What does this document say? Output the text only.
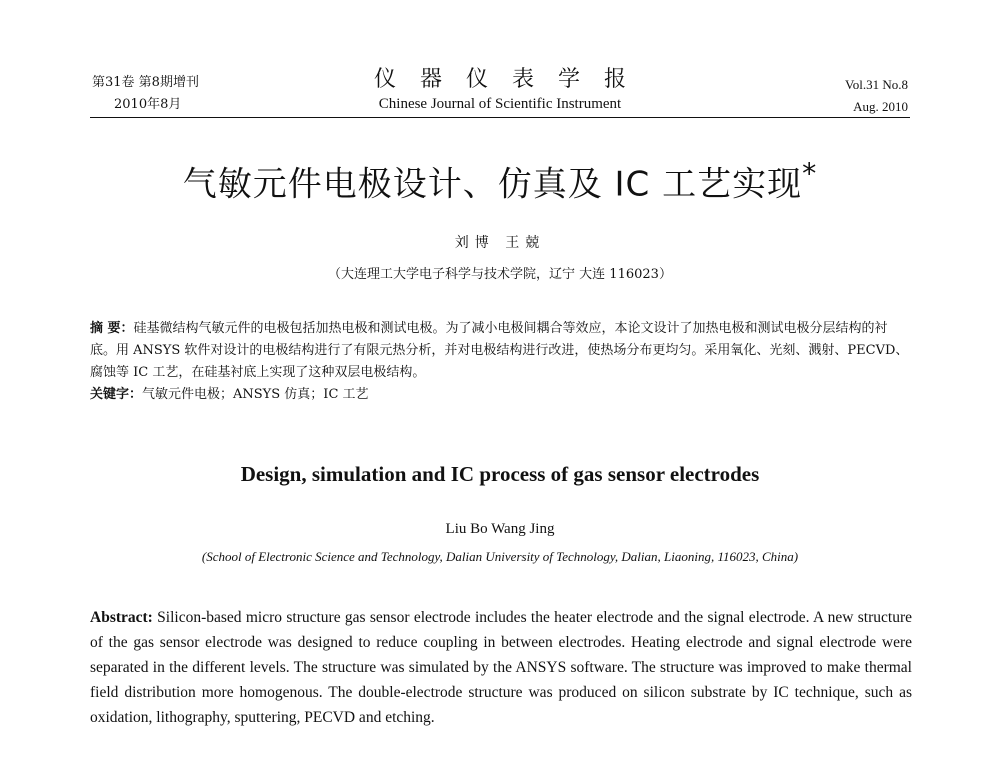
第31卷 第8期增刊
2010年8月
仪器仪表学报
Chinese Journal of Scientific Instrument
Vol.31 No.8
Aug. 2010
气敏元件电极设计、仿真及 IC 工艺实现*
刘博 王兢
（大连理工大学电子科学与技术学院，辽宁 大连 116023）

摘 要：硅基微结构气敏元件的电极包括加热电极和测试电极。为了减小电极间耦合等效应，本论文设计了加热电极和测试电极分层结构的衬底。用 ANSYS 软件对设计的电极结构进行了有限元热分析，并对电极结构进行改进，使热场分布更均匀。采用氧化、光刻、溅射、PECVD、腐蚀等 IC 工艺，在硅基衬底上实现了这种双层电极结构。

关键字：气敏元件电极；ANSYS 仿真；IC 工艺

Design, simulation and IC process of gas sensor electrodes
Liu Bo Wang Jing
(School of Electronic Science and Technology, Dalian University of Technology, Dalian, Liaoning, 116023, China)
Abstract: Silicon-based micro structure gas sensor electrode includes the heater electrode and the signal electrode. A new structure of the gas sensor electrode was designed to reduce coupling in between electrodes. Heating electrode and signal electrode were separated in the different levels. The structure was simulated by the ANSYS software. The structure was improved to make thermal field distribution more homogenous. The double-electrode structure was produced on silicon substrate by IC technique, such as oxidation, lithography, sputtering, PECVD and etching.
